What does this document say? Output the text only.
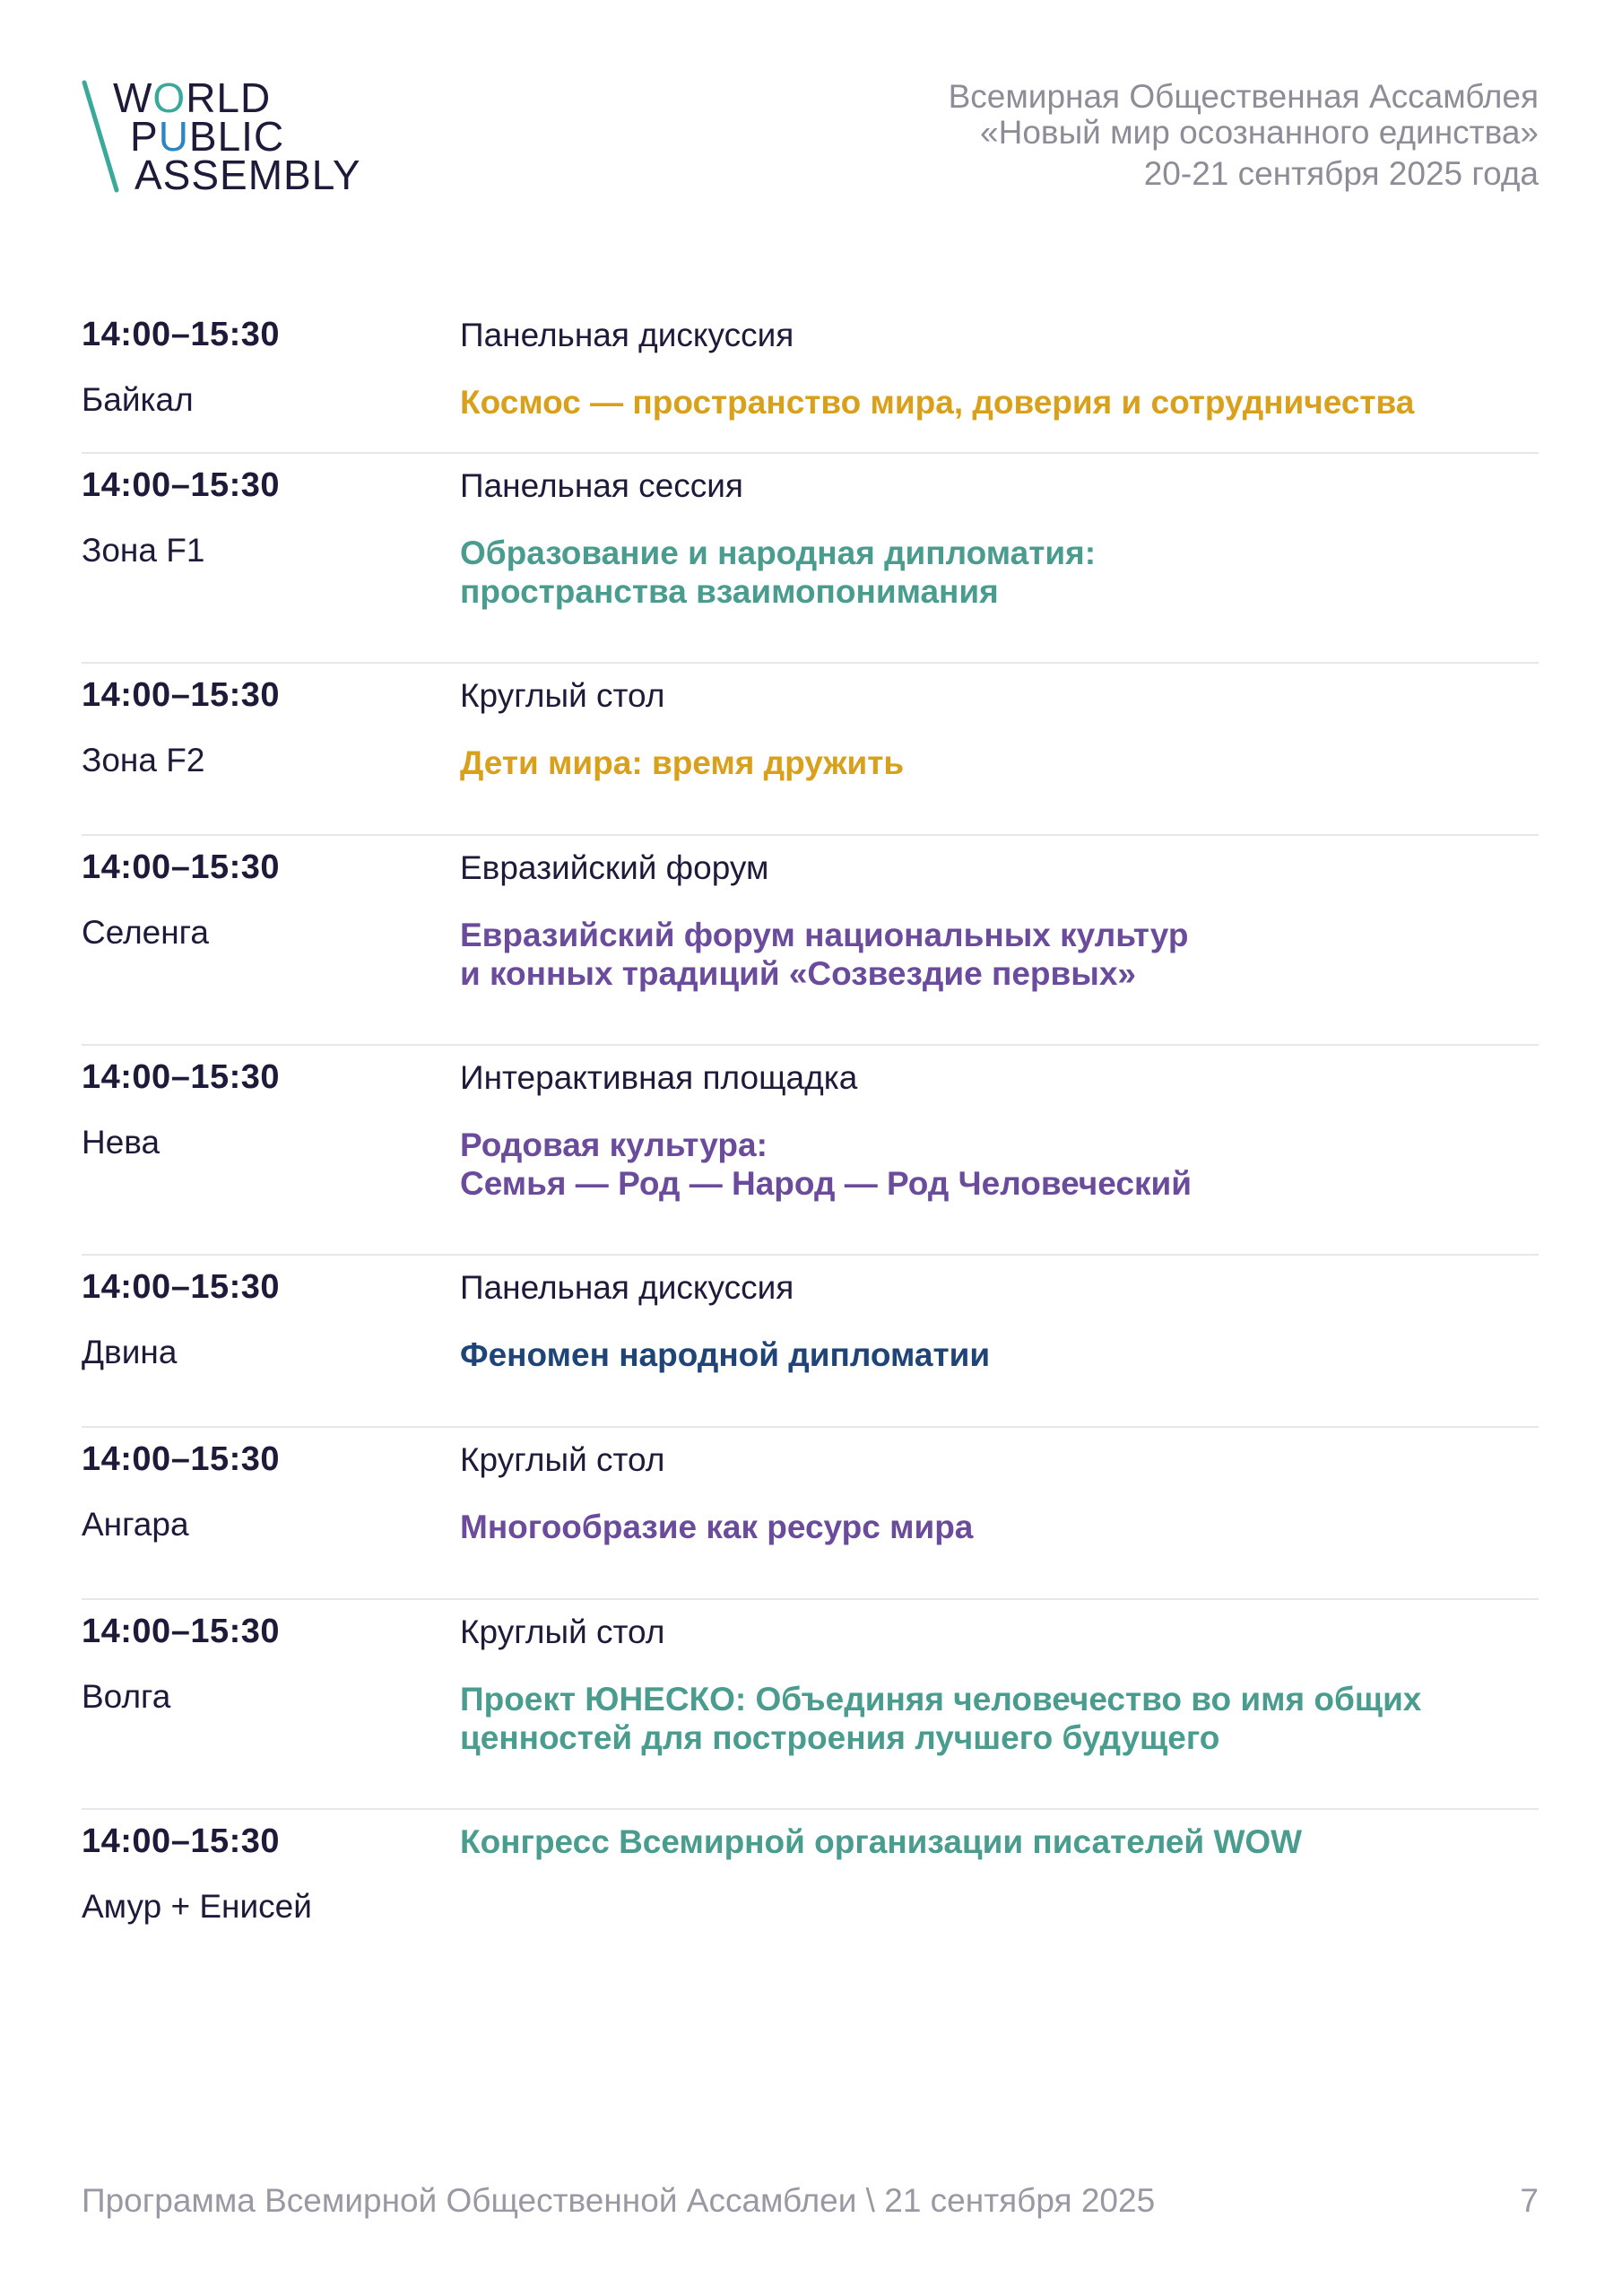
WORLD
PUBLIC
ASSEMBLY
Всемирная Общественная Ассамблея
«Новый мир осознанного единства»
20-21 сентября 2025 года
14:00–15:30
Байкал
Панельная дискуссия
Космос — пространство мира, доверия и сотрудничества
14:00–15:30
Зона F1
Панельная сессия
Образование и народная дипломатия:
пространства взаимопонимания
14:00–15:30
Зона F2
Круглый стол
Дети мира: время дружить
14:00–15:30
Селенга
Евразийский форум
Евразийский форум национальных культур
и конных традиций «Созвездие первых»
14:00–15:30
Нева
Интерактивная площадка
Родовая культура:
Семья — Род — Народ — Род Человеческий
14:00–15:30
Двина
Панельная дискуссия
Феномен народной дипломатии
14:00–15:30
Ангара
Круглый стол
Многообразие как ресурс мира
14:00–15:30
Волга
Круглый стол
Проект ЮНЕСКО: Объединяя человечество во имя общих
ценностей для построения лучшего будущего
14:00–15:30
Амур + Енисей
Конгресс Всемирной организации писателей WOW
Программа Всемирной Общественной Ассамблеи \ 21 сентября 2025	7
